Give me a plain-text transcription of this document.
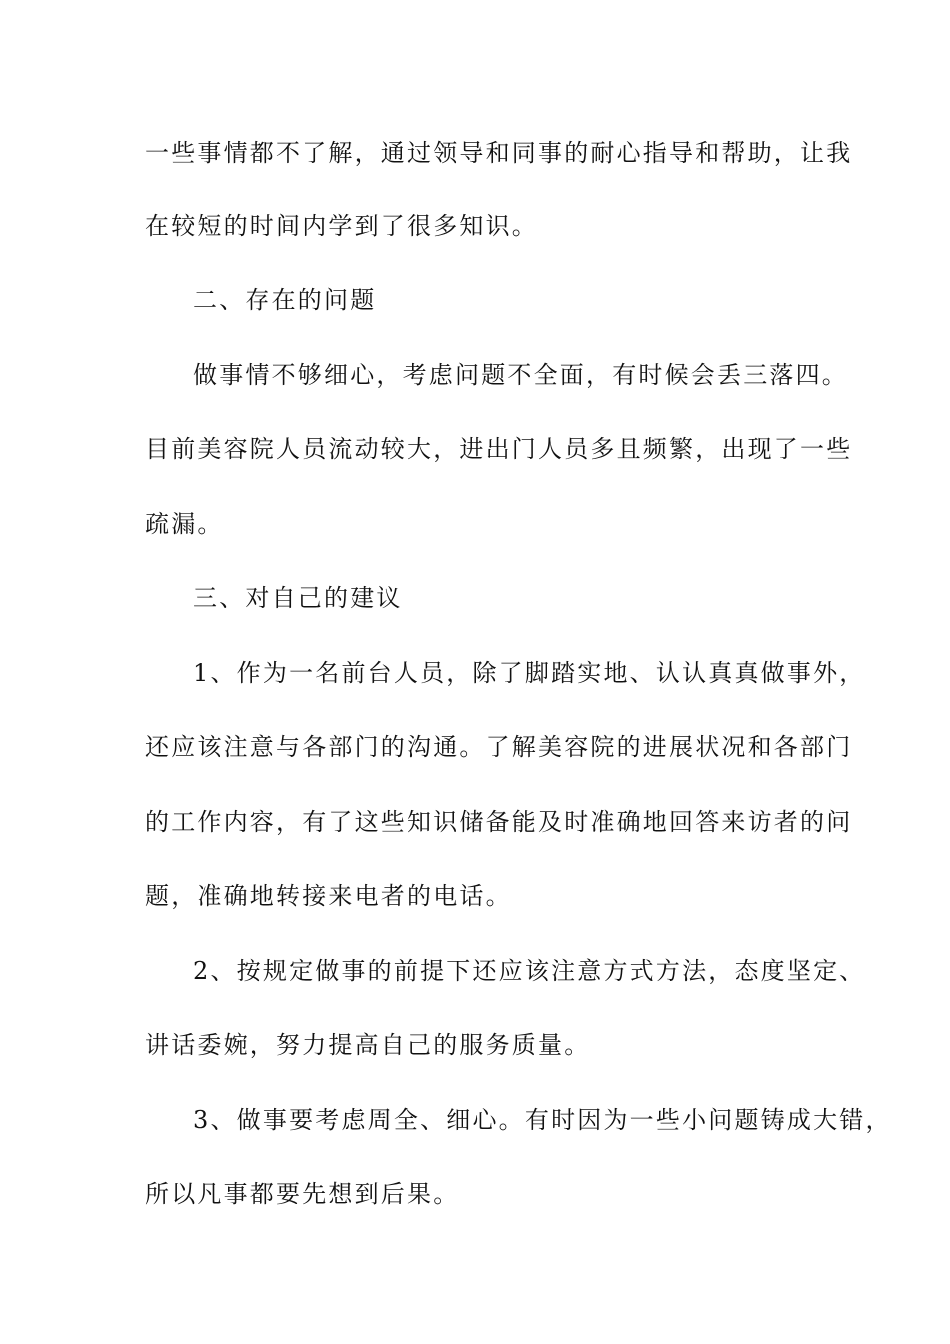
一些事情都不了解，通过领导和同事的耐心指导和帮助，让我
在较短的时间内学到了很多知识。
二、存在的问题
做事情不够细心，考虑问题不全面，有时候会丢三落四。
目前美容院人员流动较大，进出门人员多且频繁，出现了一些
疏漏。
三、对自己的建议
1、作为一名前台人员，除了脚踏实地、认认真真做事外，
还应该注意与各部门的沟通。了解美容院的进展状况和各部门
的工作内容，有了这些知识储备能及时准确地回答来访者的问
题，准确地转接来电者的电话。
2、按规定做事的前提下还应该注意方式方法，态度坚定、
讲话委婉，努力提高自己的服务质量。
3、做事要考虑周全、细心。有时因为一些小问题铸成大错，
所以凡事都要先想到后果。
